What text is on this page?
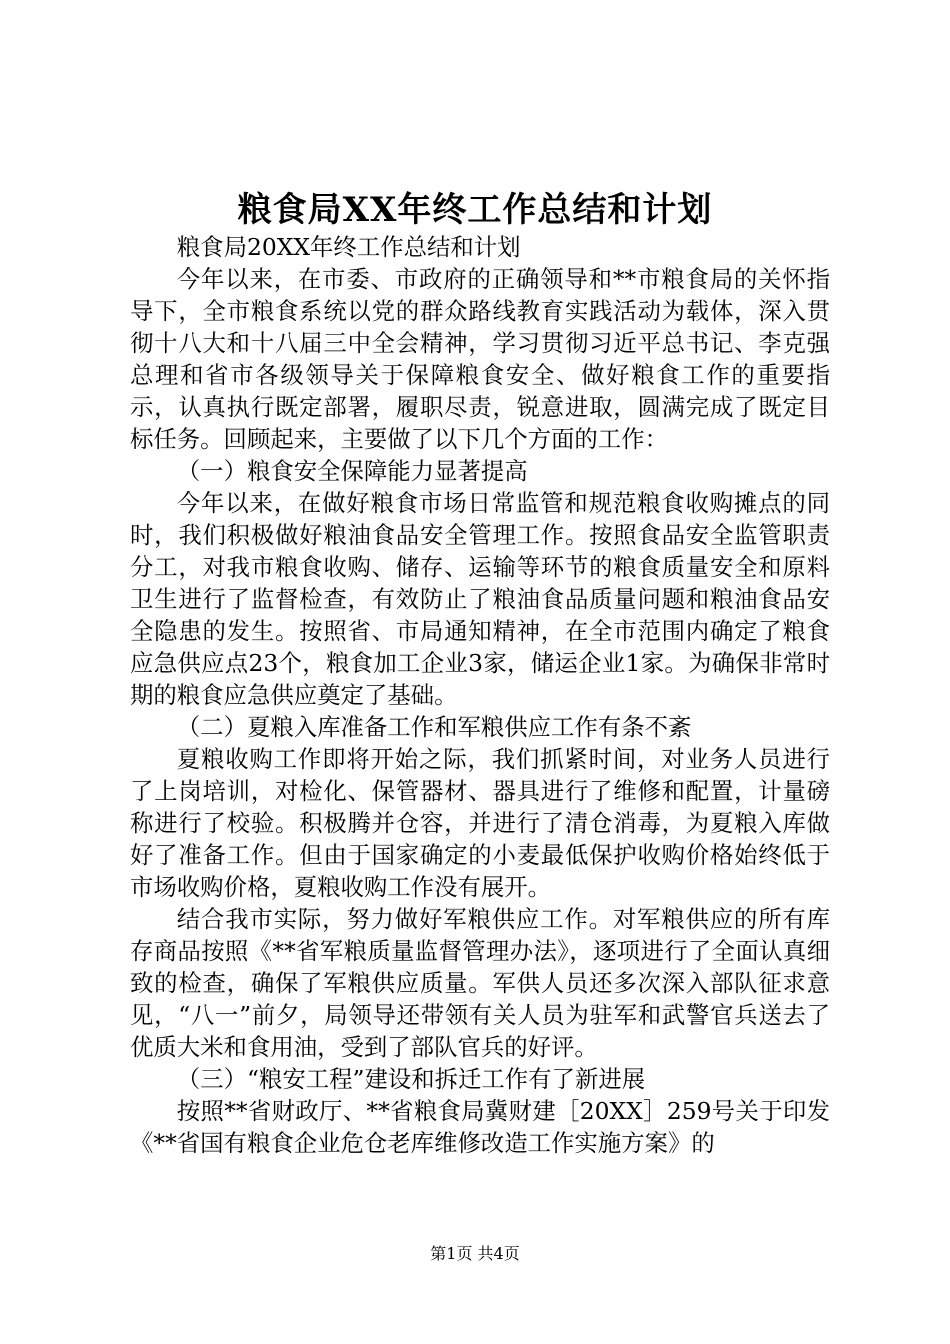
粮食局XX年终工作总结和计划

粮食局20XX年终工作总结和计划

今年以来，在市委、市政府的正确领导和**市粮食局的关怀指导下，全市粮食系统以党的群众路线教育实践活动为载体，深入贯彻十八大和十八届三中全会精神，学习贯彻习近平总书记、李克强总理和省市各级领导关于保障粮食安全、做好粮食工作的重要指示，认真执行既定部署，履职尽责，锐意进取，圆满完成了既定目标任务。回顾起来，主要做了以下几个方面的工作：

（一）粮食安全保障能力显著提高

今年以来，在做好粮食市场日常监管和规范粮食收购摊点的同时，我们积极做好粮油食品安全管理工作。按照食品安全监管职责分工，对我市粮食收购、储存、运输等环节的粮食质量安全和原料卫生进行了监督检查，有效防止了粮油食品质量问题和粮油食品安全隐患的发生。按照省、市局通知精神，在全市范围内确定了粮食应急供应点23个，粮食加工企业3家，储运企业1家。为确保非常时期的粮食应急供应奠定了基础。

（二）夏粮入库准备工作和军粮供应工作有条不紊

夏粮收购工作即将开始之际，我们抓紧时间，对业务人员进行了上岗培训，对检化、保管器材、器具进行了维修和配置，计量磅称进行了校验。积极腾并仓容，并进行了清仓消毒，为夏粮入库做好了准备工作。但由于国家确定的小麦最低保护收购价格始终低于市场收购价格，夏粮收购工作没有展开。

结合我市实际，努力做好军粮供应工作。对军粮供应的所有库存商品按照《**省军粮质量监督管理办法》，逐项进行了全面认真细致的检查，确保了军粮供应质量。军供人员还多次深入部队征求意见，“八一”前夕，局领导还带领有关人员为驻军和武警官兵送去了优质大米和食用油，受到了部队官兵的好评。

（三）“粮安工程”建设和拆迁工作有了新进展

按照**省财政厅、**省粮食局冀财建［20XX］259号关于印发《**省国有粮食企业危仓老库维修改造工作实施方案》的

第1页 共4页
